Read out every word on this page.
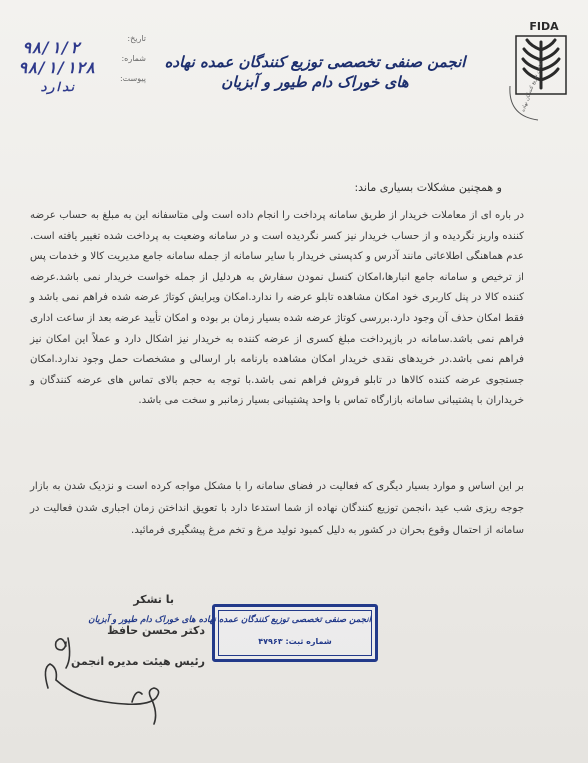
FIDA
انجمن توزیع کنندگان نهاده
انجمن صنفی تخصصی توزیع کنندگان عمده نهاده های خوراک دام طیور و آبزیان
تاریخ:
شماره:
پیوست:
۹۸/۱/۲
۹۸/۱/۱۲۸
ندارد
و همچنین مشکلات بسیاری ماند:
در باره ای از معاملات خریدار از طریق سامانه پرداخت را انجام داده است ولی متاسفانه این به مبلغ به حساب عرضه کننده واریز نگردیده و از حساب خریدار نیز کسر نگردیده است و در سامانه وضعیت به پرداخت شده تغییر یافته است. عدم هماهنگی اطلاعاتی مانند آدرس و کدپستی خریدار با سایر سامانه از جمله سامانه جامع مدیریت کالا و خدمات پس از ترخیص و سامانه جامع انبارها،امکان کنسل نمودن سفارش به هردلیل از جمله خواست خریدار نمی باشد.عرضه کننده کالا در پنل کاربری خود امکان مشاهده تابلو عرضه را ندارد.امکان ویرایش کوتاژ عرضه شده فراهم نمی باشد و فقط امکان حذف آن وجود دارد.بررسی کوتاژ عرضه شده بسیار زمان بر بوده و امکان تأیید عرضه بعد از ساعت اداری فراهم نمی باشد.سامانه در بازپرداخت مبلغ کسری از عرضه کننده به خریدار نیز اشکال دارد و عملاً این امکان نیز فراهم نمی باشد.در خریدهای نقدی خریدار امکان مشاهده بارنامه بار ارسالی و مشخصات حمل وجود ندارد.امکان جستجوی عرضه کننده کالاها در تابلو فروش فراهم نمی باشد.با توجه به حجم بالای تماس های عرضه کنندگان و خریداران با پشتیبانی سامانه بازارگاه تماس با واحد پشتیبانی بسیار زمانبر و سخت می باشد.
بر این اساس و موارد بسیار دیگری که فعالیت در فضای سامانه را با مشکل مواجه کرده است و نزدیک شدن به بازار جوجه ریزی شب عید ،انجمن توزیع کنندگان نهاده از شما استدعا دارد با تعویق انداختن زمان اجباری شدن فعالیت در سامانه از احتمال وقوع بحران در کشور به دلیل کمبود تولید مرغ و تخم مرغ پیشگیری فرمائید.
با تشکر
دکتر محسن حافظ
رئیس هیئت مدیره انجمن
انجمن صنفی تخصصی توزیع کنندگان عمده نهاده های خوراک دام طیور و آبزیان
شماره ثبت: ۴۷۹۶۳
